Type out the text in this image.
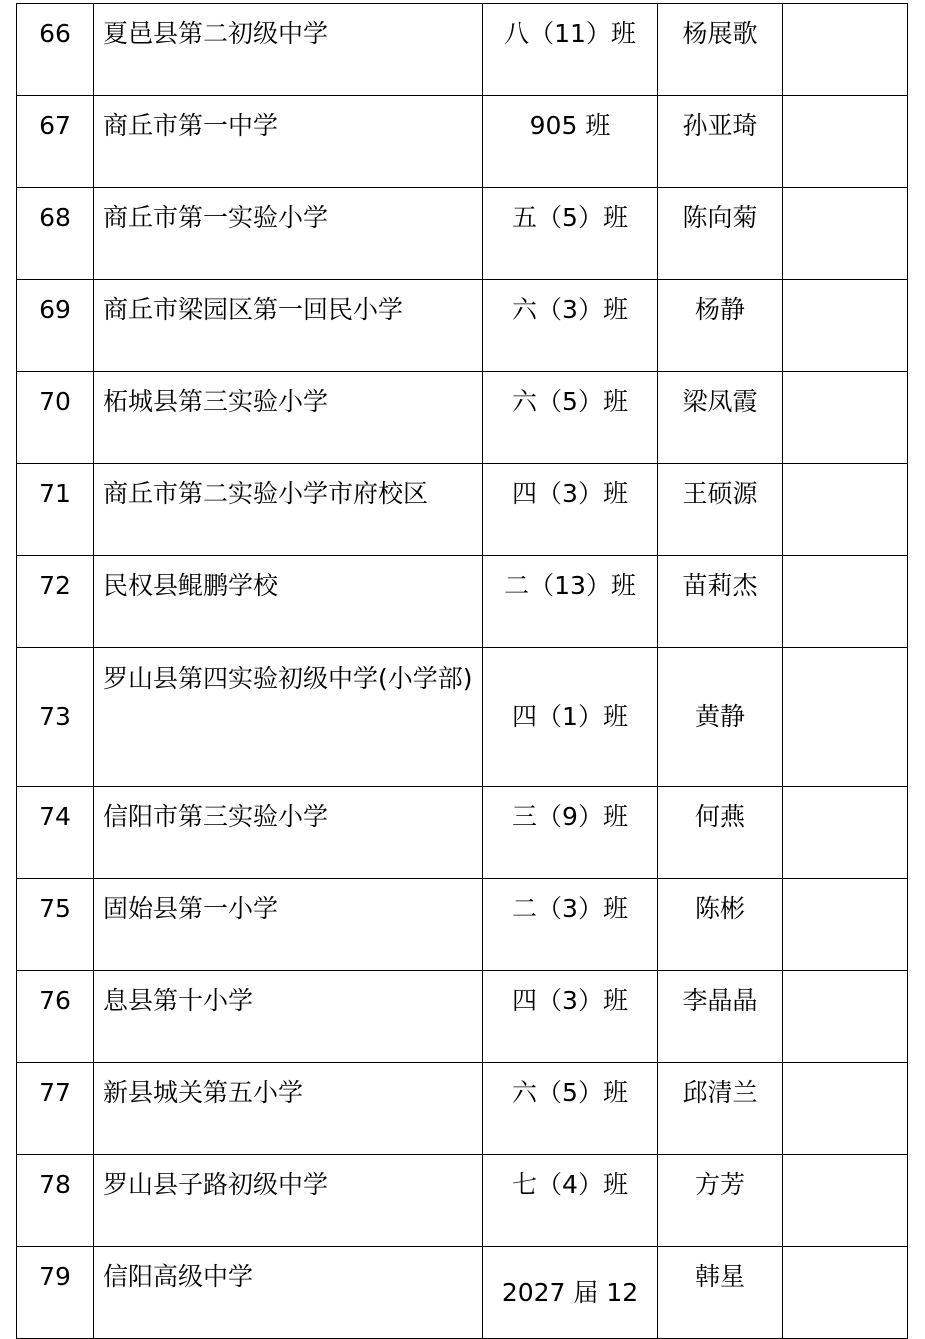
66	夏邑县第二初级中学	八（11）班	杨展歌	
67	商丘市第一中学	905 班	孙亚琦	
68	商丘市第一实验小学	五（5）班	陈向菊	
69	商丘市梁园区第一回民小学	六（3）班	杨静	
70	柘城县第三实验小学	六（5）班	梁凤霞	
71	商丘市第二实验小学市府校区	四（3）班	王硕源	
72	民权县鲲鹏学校	二（13）班	苗莉杰	
73	罗山县第四实验初级中学(小学部)	四（1）班	黄静	
74	信阳市第三实验小学	三（9）班	何燕	
75	固始县第一小学	二（3）班	陈彬	
76	息县第十小学	四（3）班	李晶晶	
77	新县城关第五小学	六（5）班	邱清兰	
78	罗山县子路初级中学	七（4）班	方芳	
79	信阳高级中学	2027 届 12	韩星	
